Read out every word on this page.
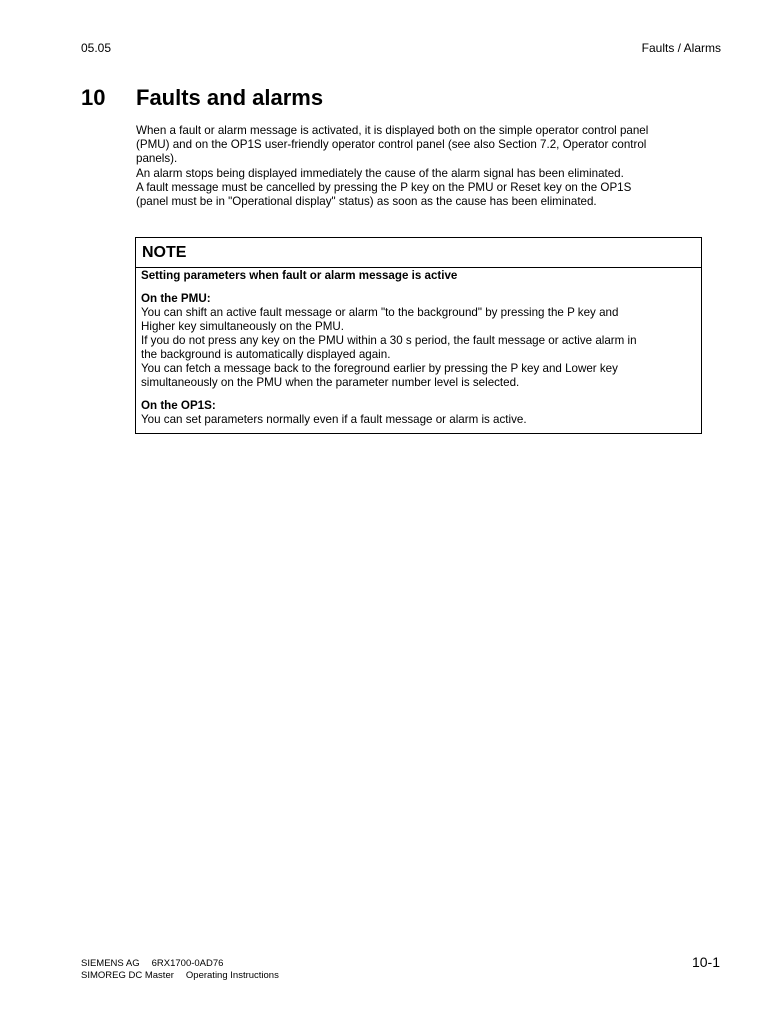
05.05	Faults / Alarms
10	Faults and alarms

When a fault or alarm message is activated, it is displayed both on the simple operator control panel

(PMU) and on the OP1S user-friendly operator control panel (see also Section 7.2, Operator control

panels).

An alarm stops being displayed immediately the cause of the alarm signal has been eliminated.

A fault message must be cancelled by pressing the P key on the PMU or Reset key on the OP1S

(panel must be in "Operational display" status) as soon as the cause has been eliminated.

NOTE

Setting parameters when fault or alarm message is active

On the PMU:

You can shift an active fault message or alarm "to the background" by pressing the P key and

Higher key simultaneously on the PMU.

If you do not press any key on the PMU within a 30 s period, the fault message or active alarm in

the background is automatically displayed again.

You can fetch a message back to the foreground earlier by pressing the P key and Lower key

simultaneously on the PMU when the parameter number level is selected.

On the OP1S:

You can set parameters normally even if a fault message or alarm is active.

SIEMENS AG 6RX1700-0AD76
SIMOREG DC Master Operating Instructions
10-1
